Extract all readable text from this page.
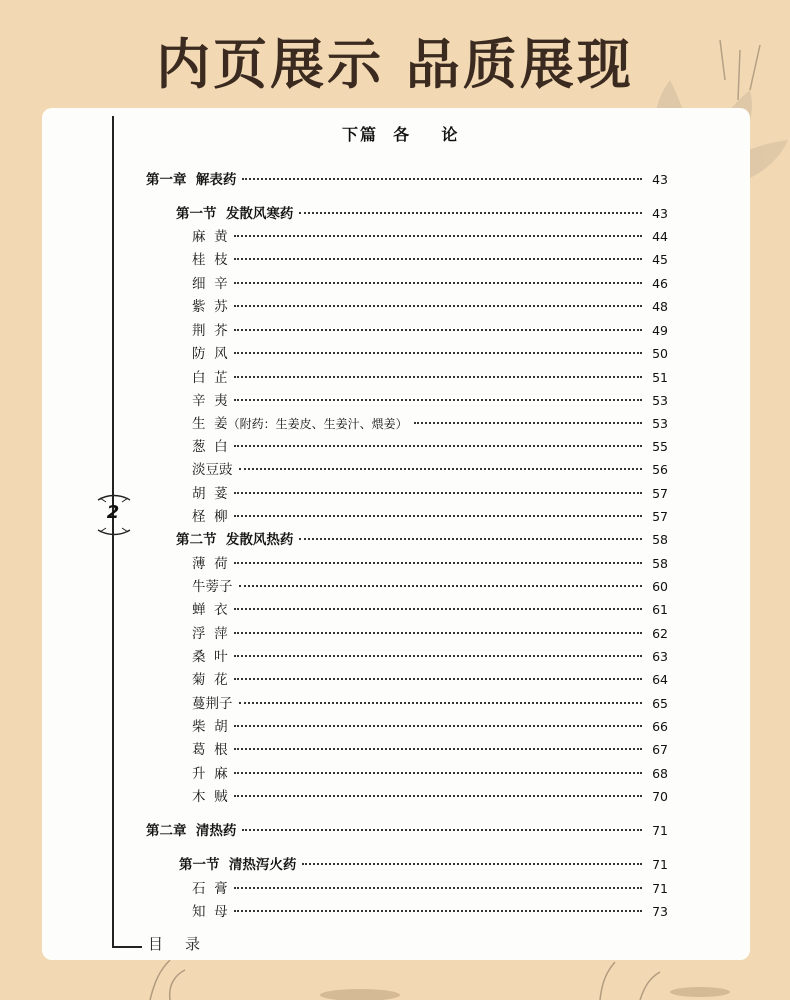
内页展示 品质展现
2
下篇  各    论
第一章  解表药	43
第一节  发散风寒药	43
麻  黄	44
桂  枝	45
细  辛	46
紫  苏	48
荆  芥	49
防  风	50
白  芷	51
辛  夷	53
生  姜 （附药：生姜皮、生姜汁、煨姜）	53
葱  白	55
淡豆豉	56
胡  荽	57
柽  柳	57
第二节  发散风热药	58
薄  荷	58
牛蒡子	60
蝉  衣	61
浮  萍	62
桑  叶	63
菊  花	64
蔓荆子	65
柴  胡	66
葛  根	67
升  麻	68
木  贼	70
第二章  清热药	71
第一节  清热泻火药	71
石  膏	71
知  母	73
目录
